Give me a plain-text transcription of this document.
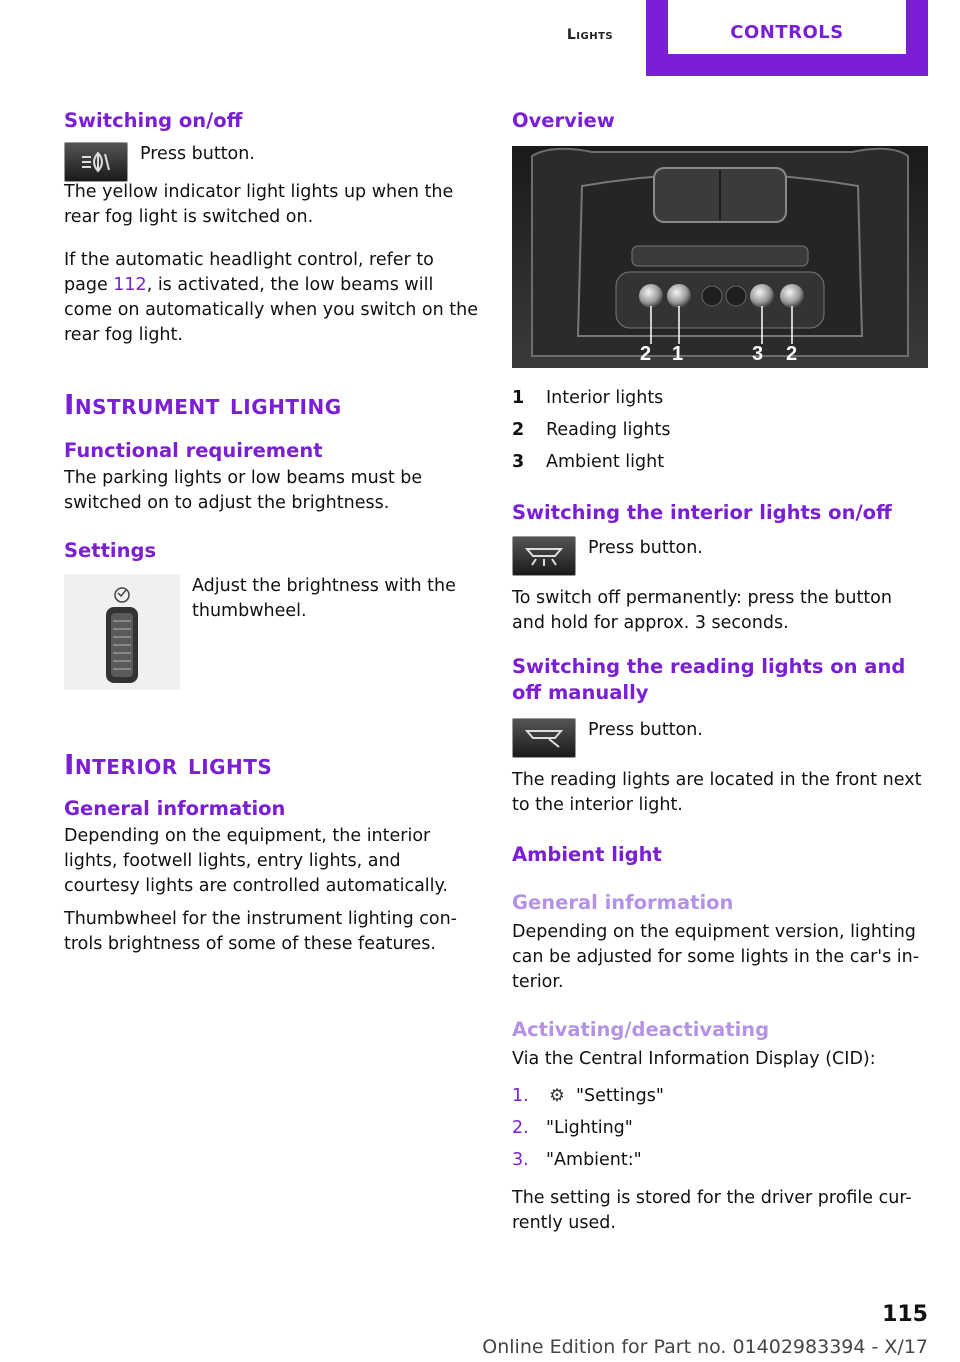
Lights	CONTROLS
Switching on/off

Press button.

The yellow indicator light lights up when the rear fog light is switched on.

If the automatic headlight control, refer to page 112, is activated, the low beams will come on automatically when you switch on the rear fog light.

Instrument lighting
Functional requirement

The parking lights or low beams must be switched on to adjust the brightness.

Settings

Adjust the brightness with the thumbwheel.

Interior lights
General information

Depending on the equipment, the interior lights, footwell lights, entry lights, and courtesy lights are controlled automatically.

Thumbwheel for the instrument lighting con-trols brightness of some of these features.

Overview
2 1	3 2
1	Interior lights
2	Reading lights
3	Ambient light
Switching the interior lights on/off

Press button.

To switch off permanently: press the button and hold for approx. 3 seconds.

Switching the reading lights on and off manually

Press button.

The reading lights are located in the front next to the interior light.

Ambient light
General information

Depending on the equipment version, lighting can be adjusted for some lights in the car's in-terior.

Activating/deactivating

Via the Central Information Display (CID):

1.	⚙ "Settings"
2. "Lighting"
3. "Ambient:"

The setting is stored for the driver profile cur-rently used.

115
Online Edition for Part no. 01402983394 - X/17
